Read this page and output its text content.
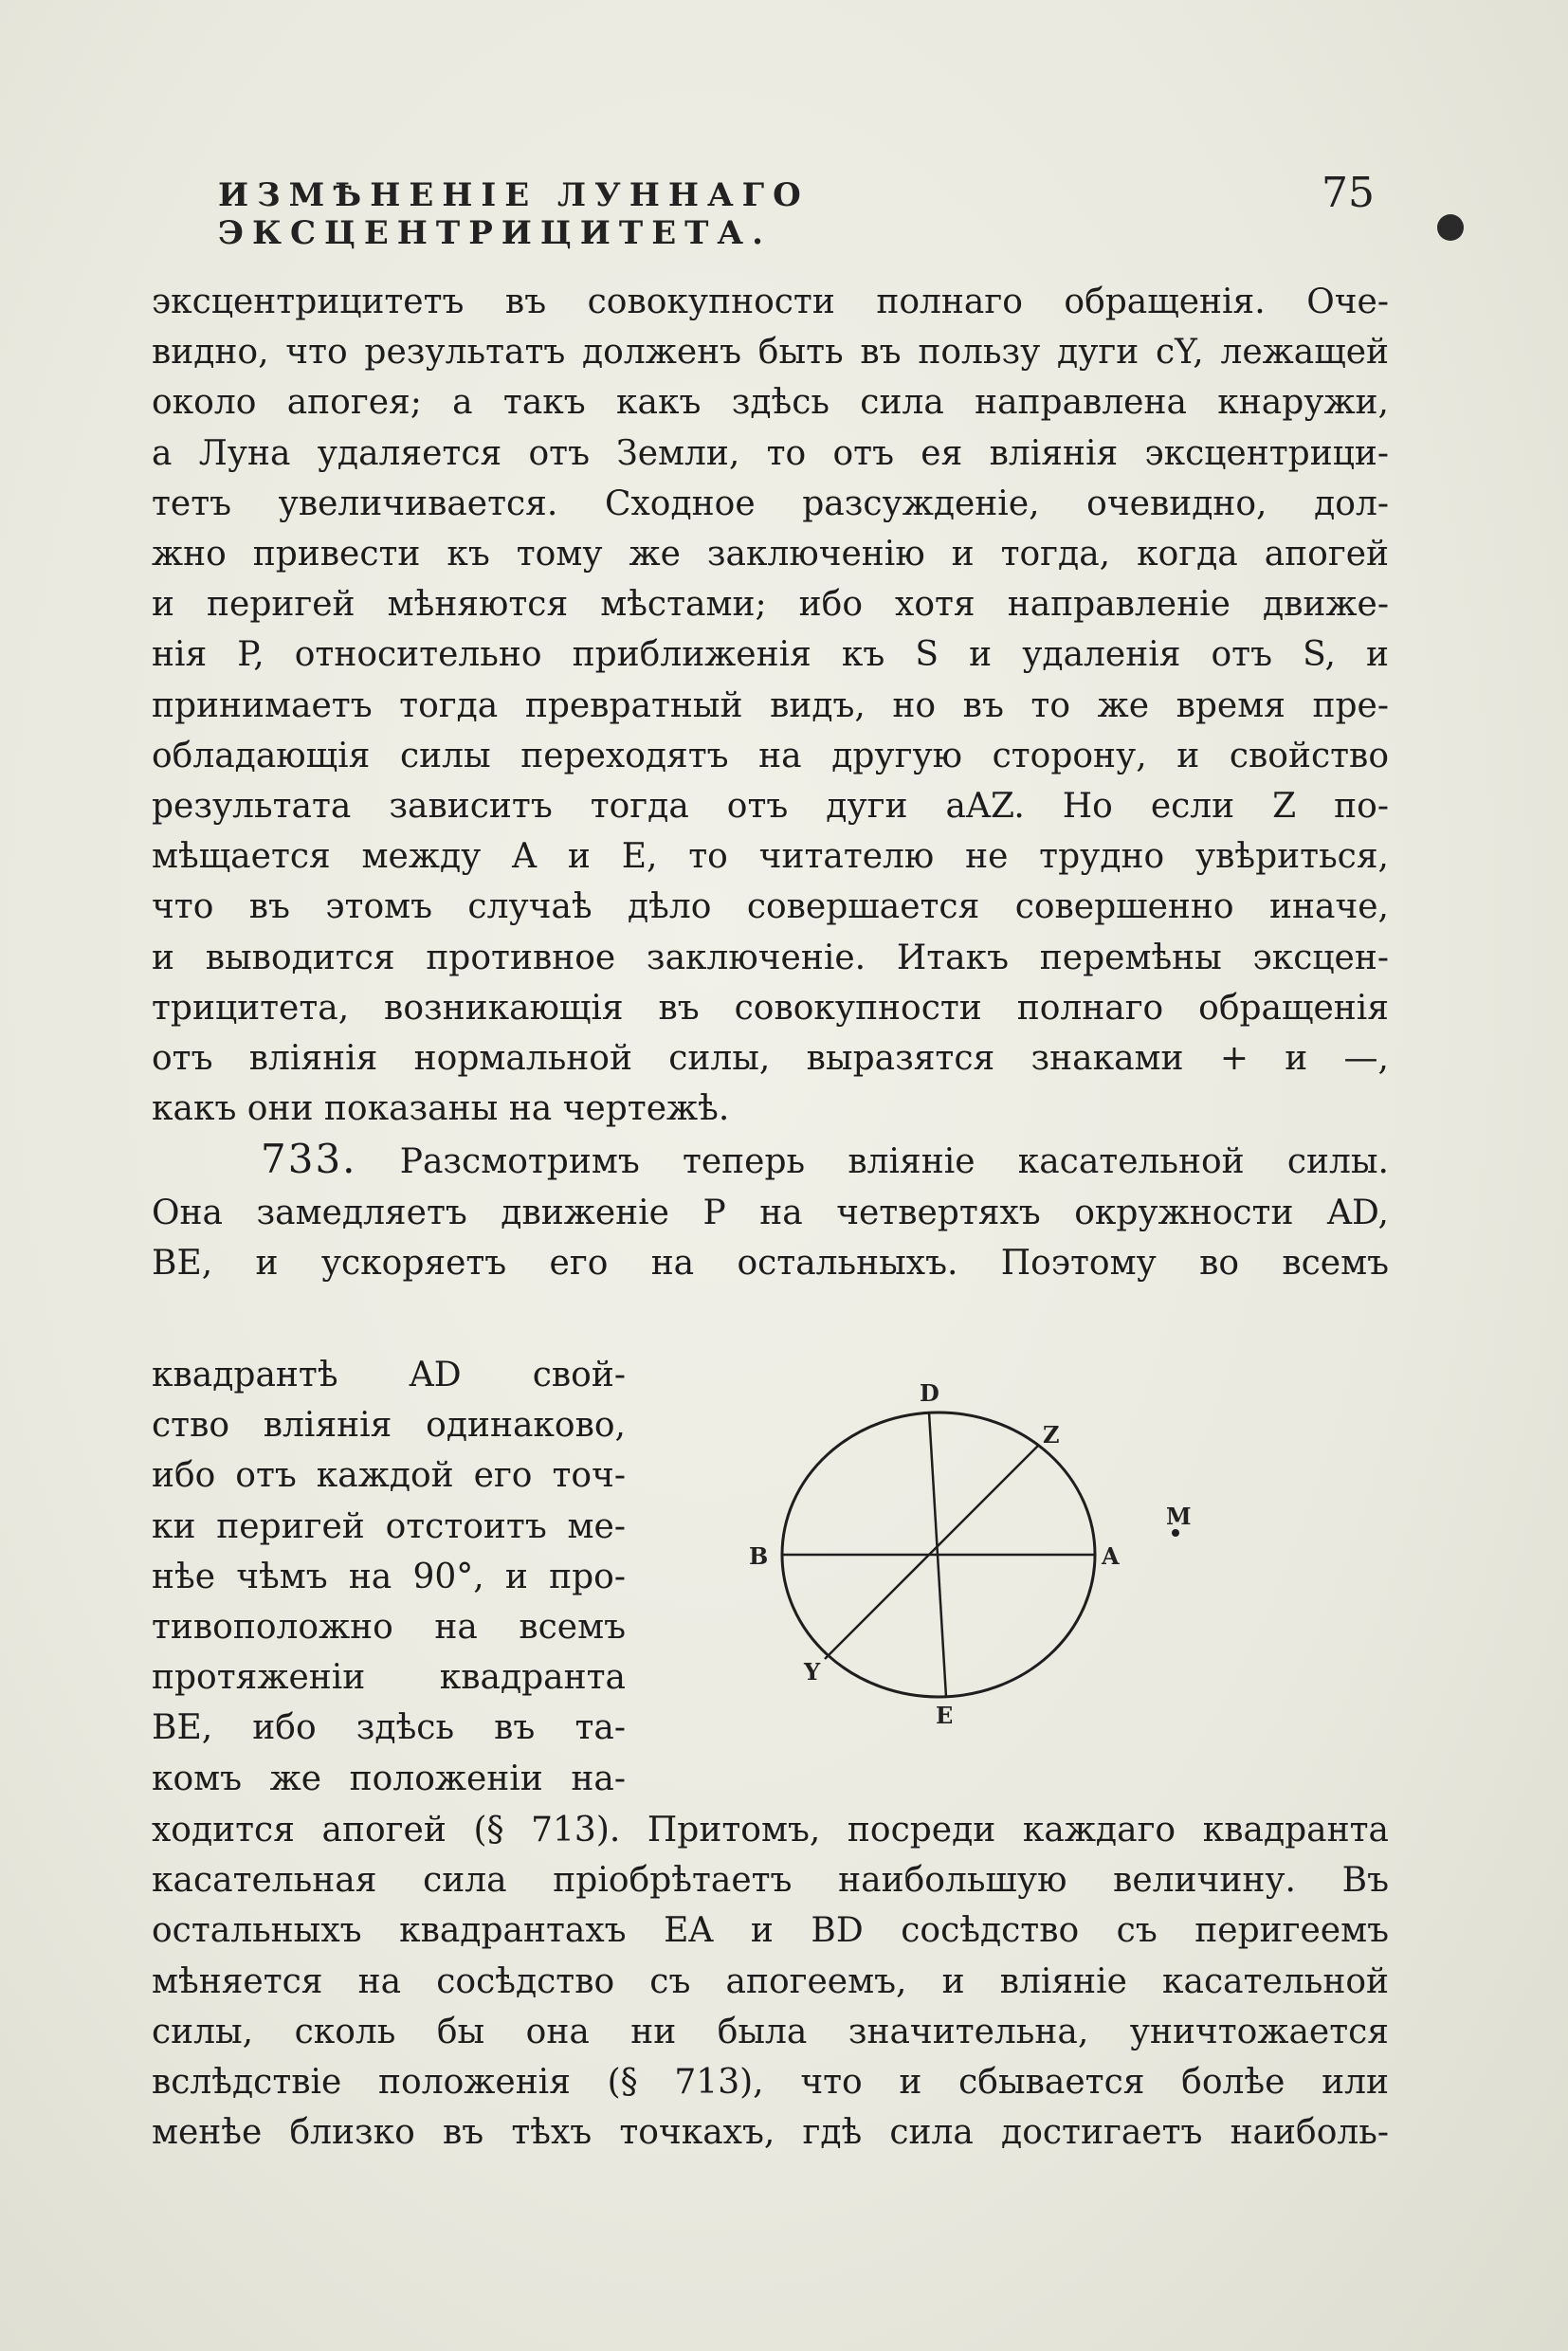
ИЗМѢНЕНІЕ ЛУННАГО ЭКСЦЕНТРИЦИТЕТА.
75
эксцентрицитетъ въ совокупности полнаго обращенія. Оче-
видно, что результатъ долженъ быть въ пользу дуги cY, лежащей
около апогея; а такъ какъ здѣсь сила направлена кнаружи,
а Луна удаляется отъ Земли, то отъ ея вліянія эксцентрици-
тетъ увеличивается. Сходное разсужденіе, очевидно, дол-
жно привести къ тому же заключенію и тогда, когда апогей
и перигей мѣняются мѣстами; ибо хотя направленіе движе-
нія P, относительно приближенія къ S и удаленія отъ S, и
принимаетъ тогда превратный видъ, но въ то же время пре-
обладающія силы переходятъ на другую сторону, и свойство
результата зависитъ тогда отъ дуги aAZ. Но если Z по-
мѣщается между A и E, то читателю не трудно увѣриться,
что въ этомъ случаѣ дѣло совершается совершенно иначе,
и выводится противное заключеніе. Итакъ перемѣны эксцен-
трицитета, возникающія въ совокупности полнаго обращенія
отъ вліянія нормальной силы, выразятся знаками + и —,
какъ они показаны на чертежѣ.
733. Разсмотримъ теперь вліяніе касательной силы.
Она замедляетъ движеніе P на четвертяхъ окружности AD,
BE, и ускоряетъ его на остальныхъ. Поэтому во всемъ
квадрантѣ AD свой-
ство вліянія одинаково,
ибо отъ каждой его точ-
ки перигей отстоитъ ме-
нѣе чѣмъ на 90°, и про-
тивоположно на всемъ
протяженіи квадранта
BE, ибо здѣсь въ та-
комъ же положеніи на-
D
Z
A
M
B
Y
E
ходится апогей (§ 713). Притомъ, посреди каждаго квадранта
касательная сила пріобрѣтаетъ наибольшую величину. Въ
остальныхъ квадрантахъ EA и BD сосѣдство съ перигеемъ
мѣняется на сосѣдство съ апогеемъ, и вліяніе касательной
силы, сколь бы она ни была значительна, уничтожается
вслѣдствіе положенія (§ 713), что и сбывается болѣе или
менѣе близко въ тѣхъ точкахъ, гдѣ сила достигаетъ наиболь-
